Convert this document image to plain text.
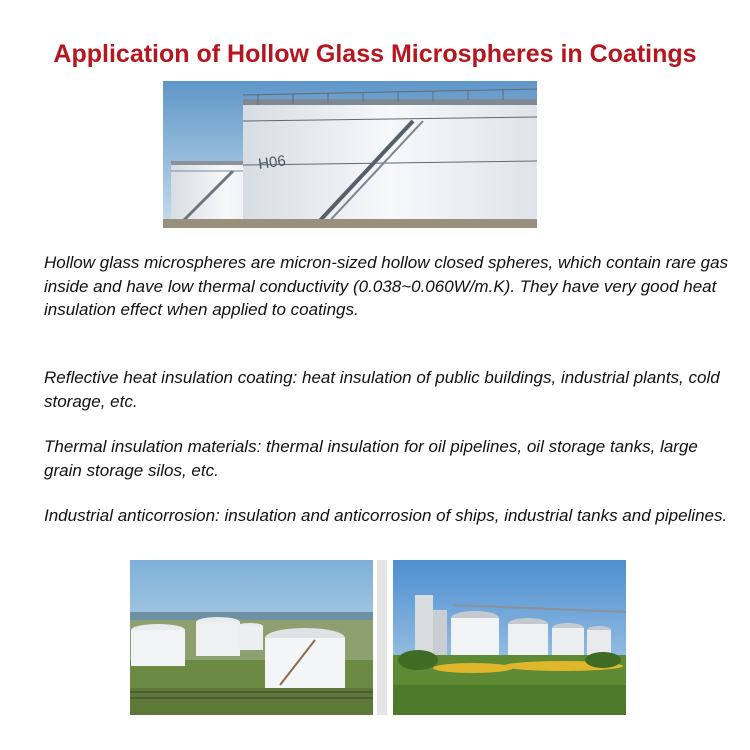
Application of Hollow Glass Microspheres in Coatings
H06

Hollow glass microspheres are micron-sized hollow closed spheres, which contain rare gas inside and have low thermal conductivity (0.038~0.060W/m.K). They have very good heat insulation effect when applied to coatings.

Reflective heat insulation coating: heat insulation of public buildings, industrial plants, cold storage, etc.

Thermal insulation materials: thermal insulation for oil pipelines, oil storage tanks, large grain storage silos, etc.

Industrial anticorrosion: insulation and anticorrosion of ships, industrial tanks and pipelines.
